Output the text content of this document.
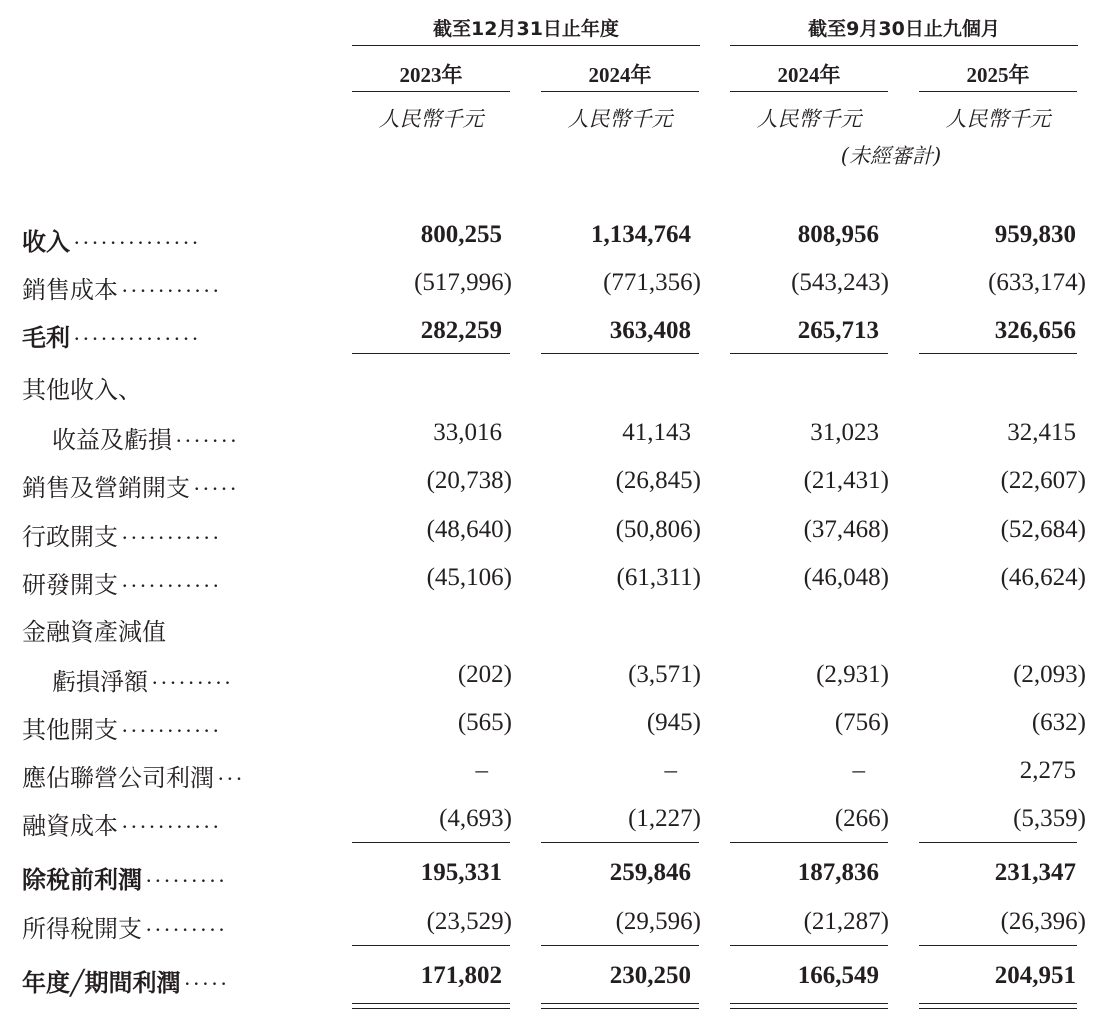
截至12月31日止年度	截至9月30日止九個月
2023年	2024年	2024年	2025年
人民幣千元	人民幣千元	人民幣千元	人民幣千元
(未經審計)
收入 ..............	800,255	1,134,764	808,956	959,830
銷售成本 ...........	(517,996)	(771,356)	(543,243)	(633,174)
毛利 ..............	282,259	363,408	265,713	326,656
其他收入、
收益及虧損 .......	33,016	41,143	31,023	32,415
銷售及營銷開支 .....	(20,738)	(26,845)	(21,431)	(22,607)
行政開支 ...........	(48,640)	(50,806)	(37,468)	(52,684)
研發開支 ...........	(45,106)	(61,311)	(46,048)	(46,624)
金融資產減值
虧損淨額 .........	(202)	(3,571)	(2,931)	(2,093)
其他開支 ...........	(565)	(945)	(756)	(632)
應佔聯營公司利潤 ...	–	–	–	2,275
融資成本 ...........	(4,693)	(1,227)	(266)	(5,359)
除稅前利潤 .........	195,331	259,846	187,836	231,347
所得稅開支 .........	(23,529)	(29,596)	(21,287)	(26,396)
年度╱期間利潤 .....	171,802	230,250	166,549	204,951
